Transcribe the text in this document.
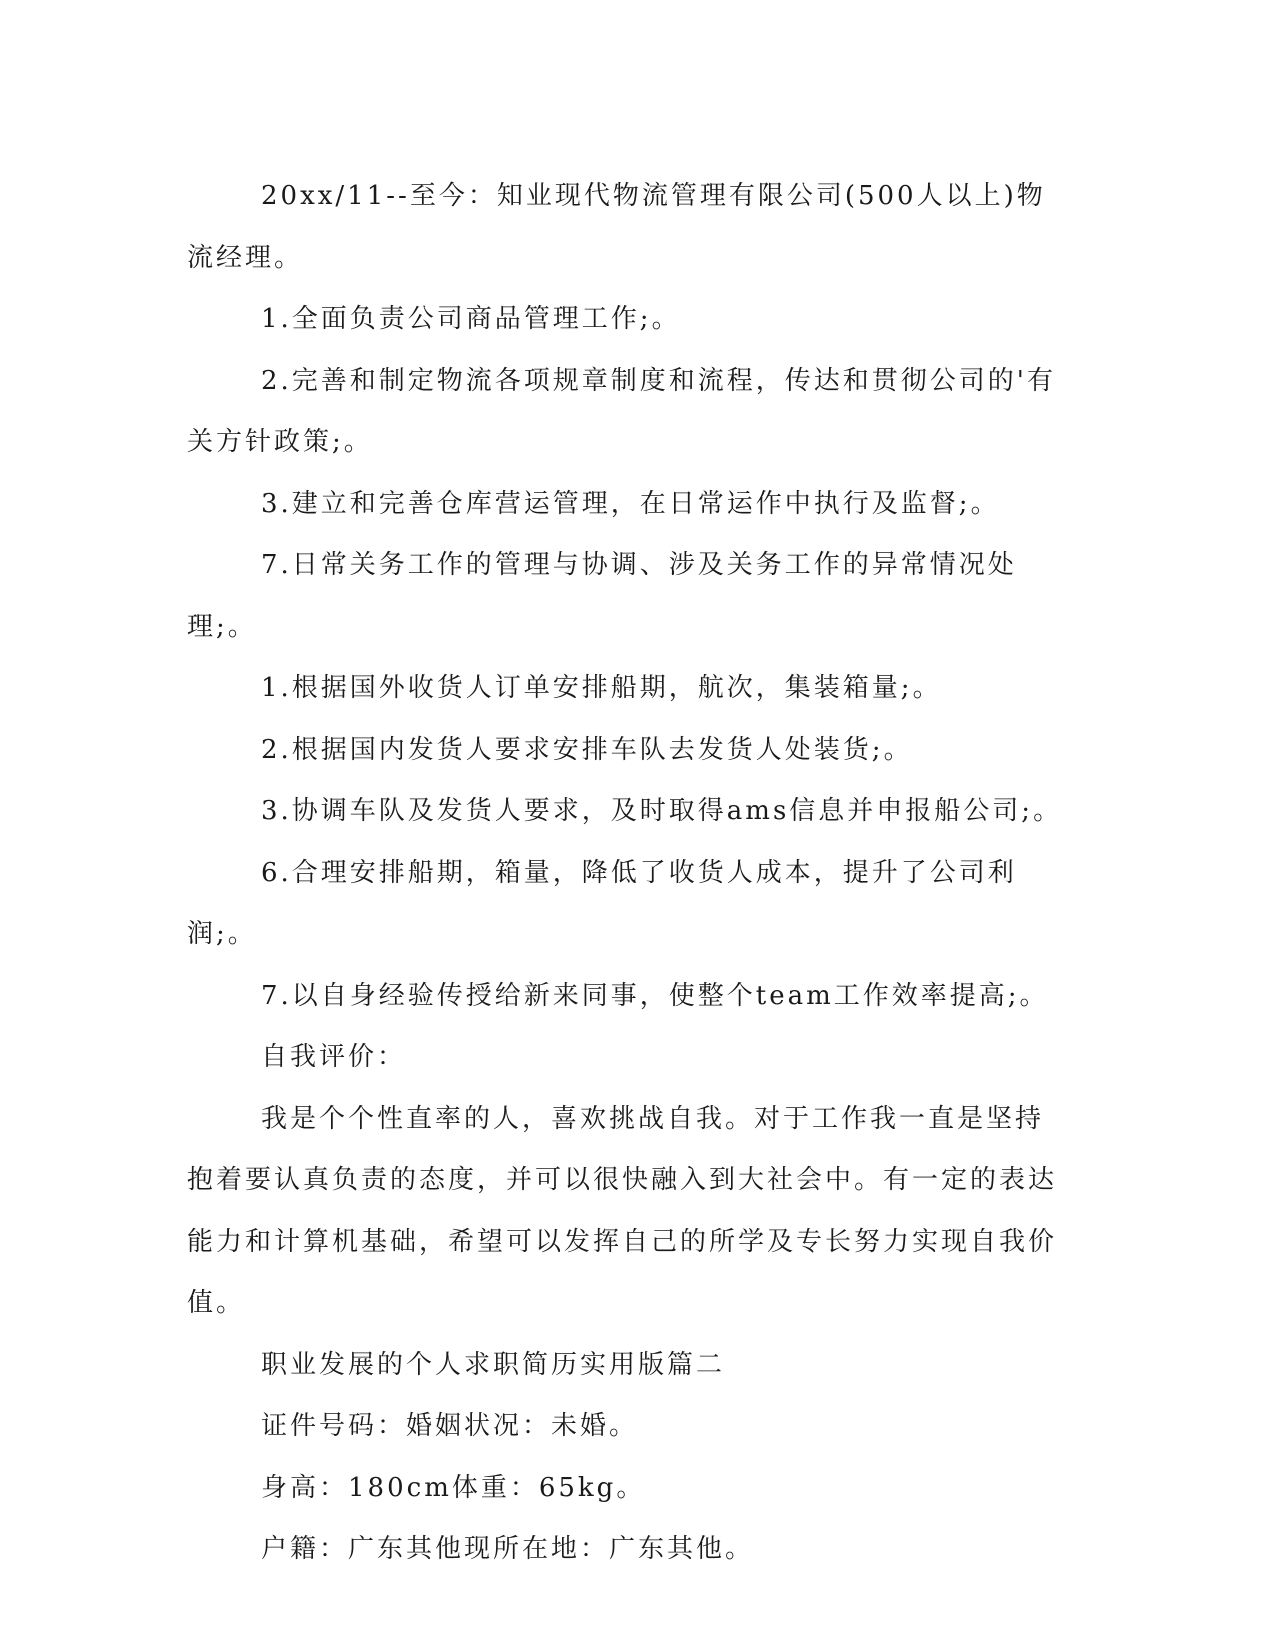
20xx/11--至今：知业现代物流管理有限公司(500人以上)物流经理。

1.全面负责公司商品管理工作;。

2.完善和制定物流各项规章制度和流程，传达和贯彻公司的'有关方针政策;。

3.建立和完善仓库营运管理，在日常运作中执行及监督;。

7.日常关务工作的管理与协调、涉及关务工作的异常情况处理;。

1.根据国外收货人订单安排船期，航次，集装箱量;。

2.根据国内发货人要求安排车队去发货人处装货;。

3.协调车队及发货人要求，及时取得ams信息并申报船公司;。

6.合理安排船期，箱量，降低了收货人成本，提升了公司利润;。

7.以自身经验传授给新来同事，使整个team工作效率提高;。

自我评价：

我是个个性直率的人，喜欢挑战自我。对于工作我一直是坚持抱着要认真负责的态度，并可以很快融入到大社会中。有一定的表达能力和计算机基础，希望可以发挥自己的所学及专长努力实现自我价值。

职业发展的个人求职简历实用版篇二

证件号码：婚姻状况：未婚。

身高：180cm体重：65kg。

户籍：广东其他现所在地：广东其他。
